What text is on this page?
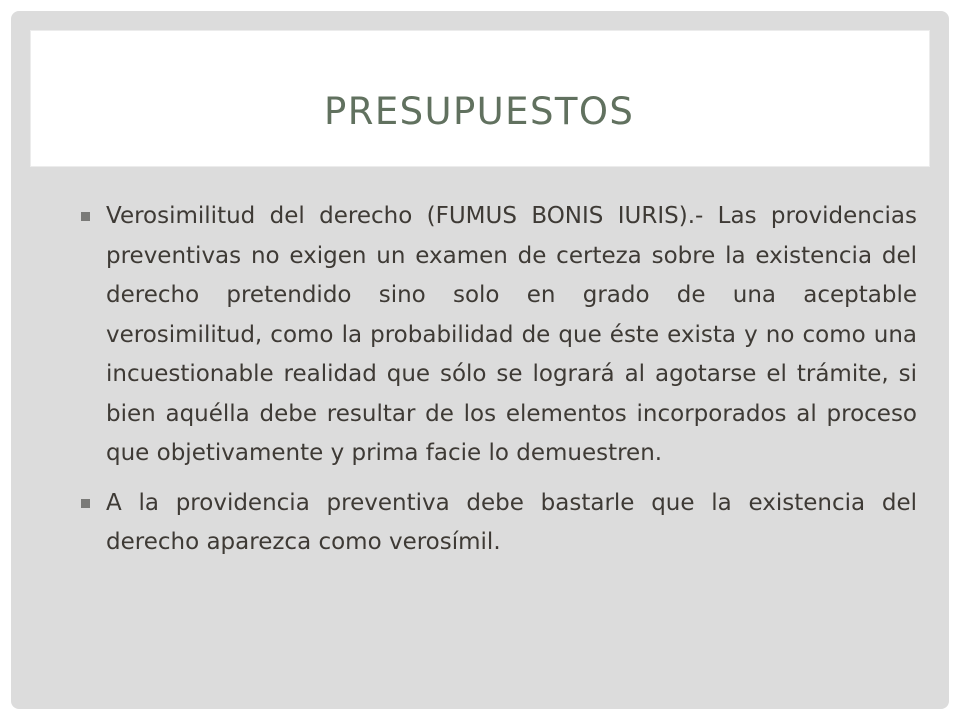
PRESUPUESTOS
Verosimilitud del derecho (FUMUS BONIS IURIS).- Las providencias preventivas no exigen un examen de certeza sobre la existencia del derecho pretendido sino solo en grado de una aceptable verosimilitud, como la probabilidad de que éste exista y no como una incuestionable realidad que sólo se logrará al agotarse el trámite, si bien aquélla debe resultar de los elementos incorporados al proceso que objetivamente y prima facie lo demuestren.
A la providencia preventiva debe bastarle que la existencia del derecho aparezca como verosímil.
